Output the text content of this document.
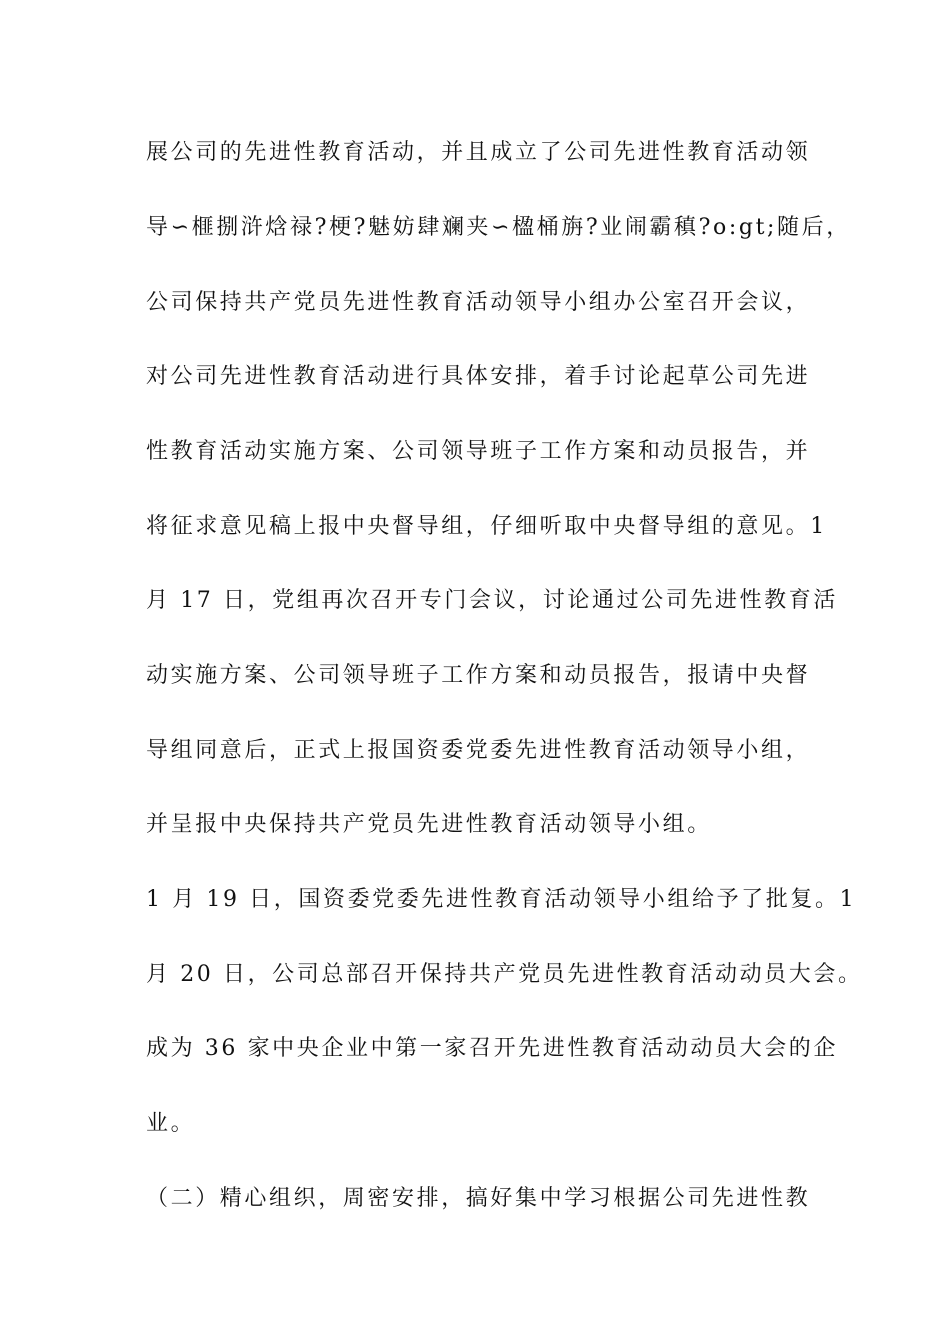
展公司的先进性教育活动，并且成立了公司先进性教育活动领
导∽榧捌浒焓禄?梗?魅妨肆斓夹∽楹桶旃?业闹霸稹?o:gt;随后，
公司保持共产党员先进性教育活动领导小组办公室召开会议，
对公司先进性教育活动进行具体安排，着手讨论起草公司先进
性教育活动实施方案、公司领导班子工作方案和动员报告，并
将征求意见稿上报中央督导组，仔细听取中央督导组的意见。1
月 17 日，党组再次召开专门会议，讨论通过公司先进性教育活
动实施方案、公司领导班子工作方案和动员报告，报请中央督
导组同意后，正式上报国资委党委先进性教育活动领导小组，
并呈报中央保持共产党员先进性教育活动领导小组。
1 月 19 日，国资委党委先进性教育活动领导小组给予了批复。1
月 20 日，公司总部召开保持共产党员先进性教育活动动员大会。
成为 36 家中央企业中第一家召开先进性教育活动动员大会的企
业。
（二）精心组织，周密安排，搞好集中学习根据公司先进性教
